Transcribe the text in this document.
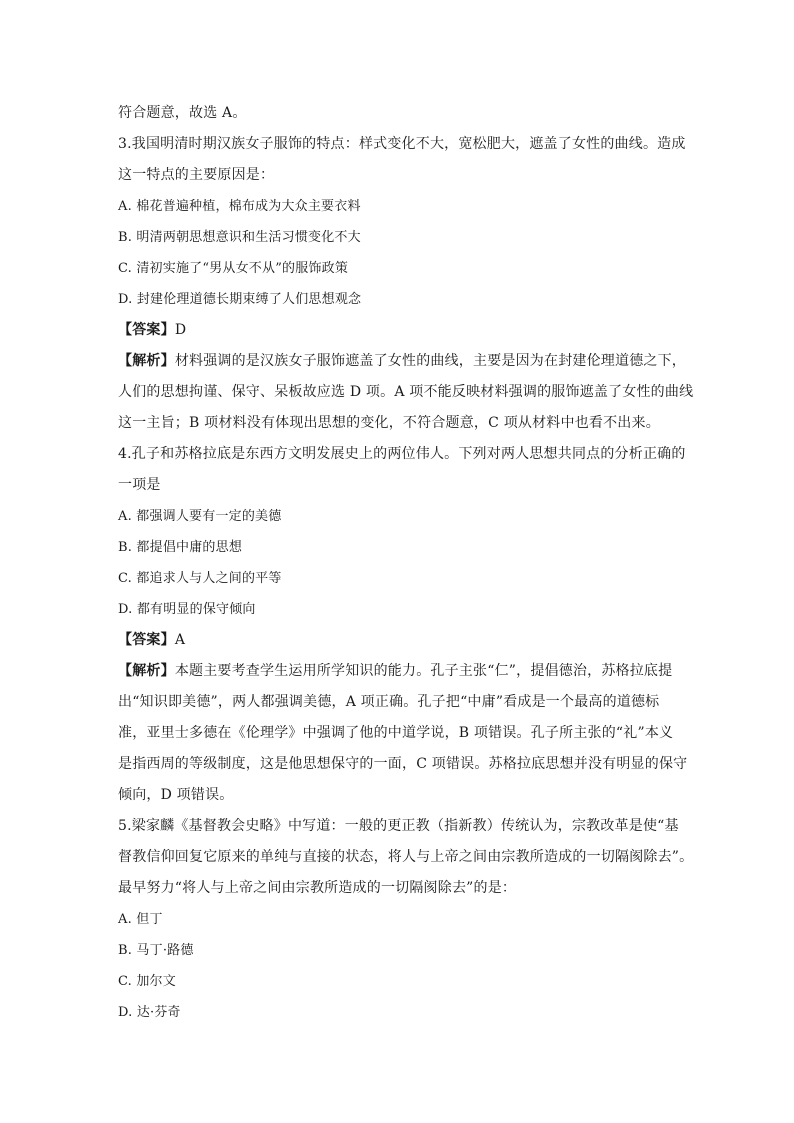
符合题意，故选 A。
3.我国明清时期汉族女子服饰的特点：样式变化不大，宽松肥大，遮盖了女性的曲线。造成
这一特点的主要原因是：
A. 棉花普遍种植，棉布成为大众主要衣料
B. 明清两朝思想意识和生活习惯变化不大
C. 清初实施了“男从女不从”的服饰政策
D. 封建伦理道德长期束缚了人们思想观念
【答案】D
【解析】材料强调的是汉族女子服饰遮盖了女性的曲线，主要是因为在封建伦理道德之下，
人们的思想拘谨、保守、呆板故应选 D 项。A 项不能反映材料强调的服饰遮盖了女性的曲线
这一主旨；B 项材料没有体现出思想的变化，不符合题意，C 项从材料中也看不出来。
4.孔子和苏格拉底是东西方文明发展史上的两位伟人。下列对两人思想共同点的分析正确的
一项是
A. 都强调人要有一定的美德
B. 都提倡中庸的思想
C. 都追求人与人之间的平等
D. 都有明显的保守倾向
【答案】A
【解析】本题主要考查学生运用所学知识的能力。孔子主张“仁”，提倡德治，苏格拉底提
出“知识即美德”，两人都强调美德，A 项正确。孔子把“中庸”看成是一个最高的道德标
准，亚里士多德在《伦理学》中强调了他的中道学说，B 项错误。孔子所主张的“礼”本义
是指西周的等级制度，这是他思想保守的一面，C 项错误。苏格拉底思想并没有明显的保守
倾向，D 项错误。
5.梁家麟《基督教会史略》中写道：一般的更正教（指新教）传统认为，宗教改革是使“基
督教信仰回复它原来的单纯与直接的状态，将人与上帝之间由宗教所造成的一切隔阂除去”。
最早努力“将人与上帝之间由宗教所造成的一切隔阂除去”的是：
A. 但丁
B. 马丁·路德
C. 加尔文
D. 达·芬奇
